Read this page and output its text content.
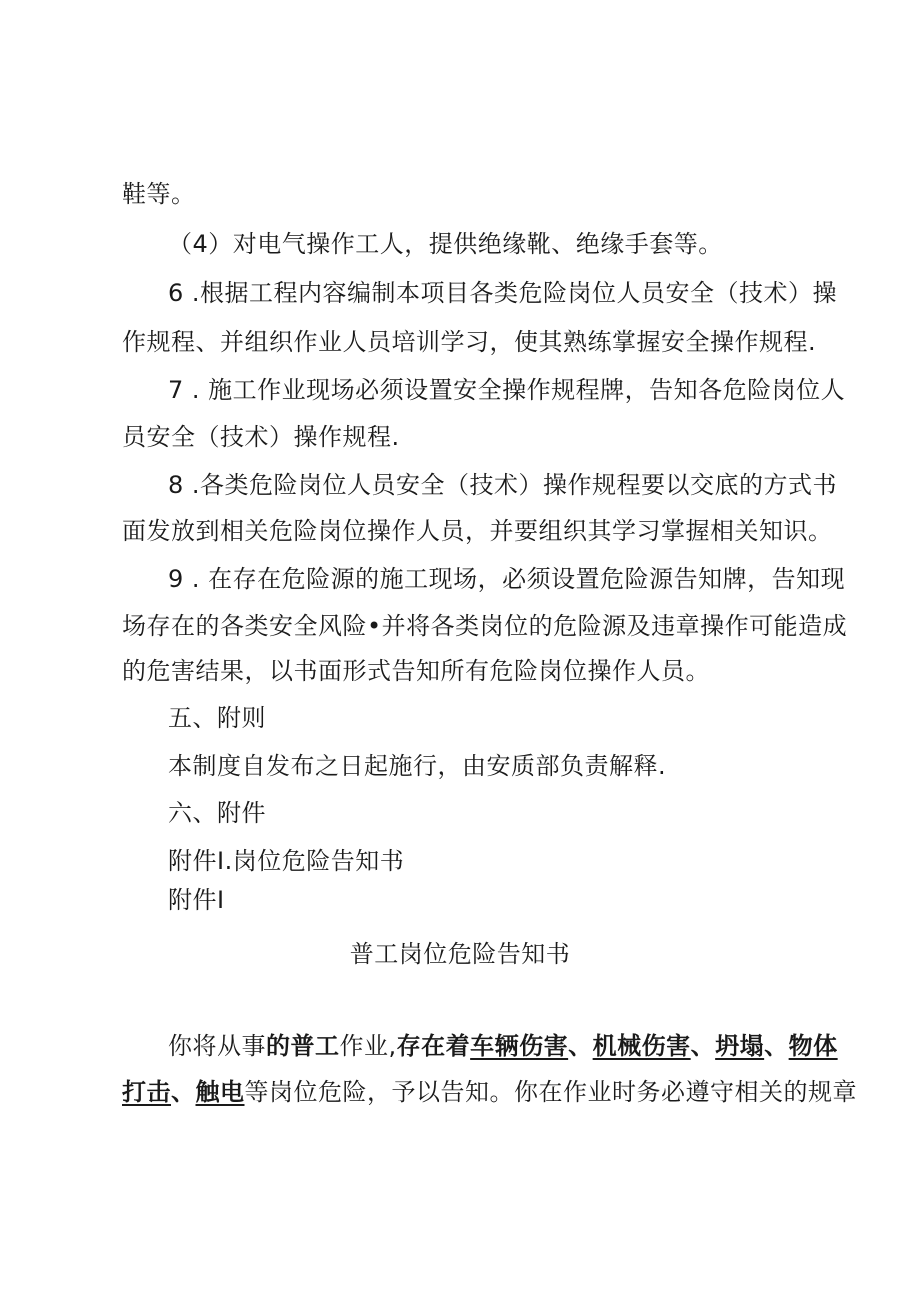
鞋等。
（4）对电气操作工人，提供绝缘靴、绝缘手套等。
6 .根据工程内容编制本项目各类危险岗位人员安全（技术）操
作规程、并组织作业人员培训学习，使其熟练掌握安全操作规程.
7 . 施工作业现场必须设置安全操作规程牌，告知各危险岗位人
员安全（技术）操作规程.
8 .各类危险岗位人员安全（技术）操作规程要以交底的方式书
面发放到相关危险岗位操作人员，并要组织其学习掌握相关知识。
9 . 在存在危险源的施工现场，必须设置危险源告知牌，告知现
场存在的各类安全风险•并将各类岗位的危险源及违章操作可能造成
的危害结果，以书面形式告知所有危险岗位操作人员。
五、附则
本制度自发布之日起施行，由安质部负责解释.
六、附件
附件Ⅰ.岗位危险告知书
附件Ⅰ
普工岗位危险告知书
你将从事的普工作业,存在着车辆伤害、机械伤害、坍塌、物体
打击、触电等岗位危险，予以告知。你在作业时务必遵守相关的规章
